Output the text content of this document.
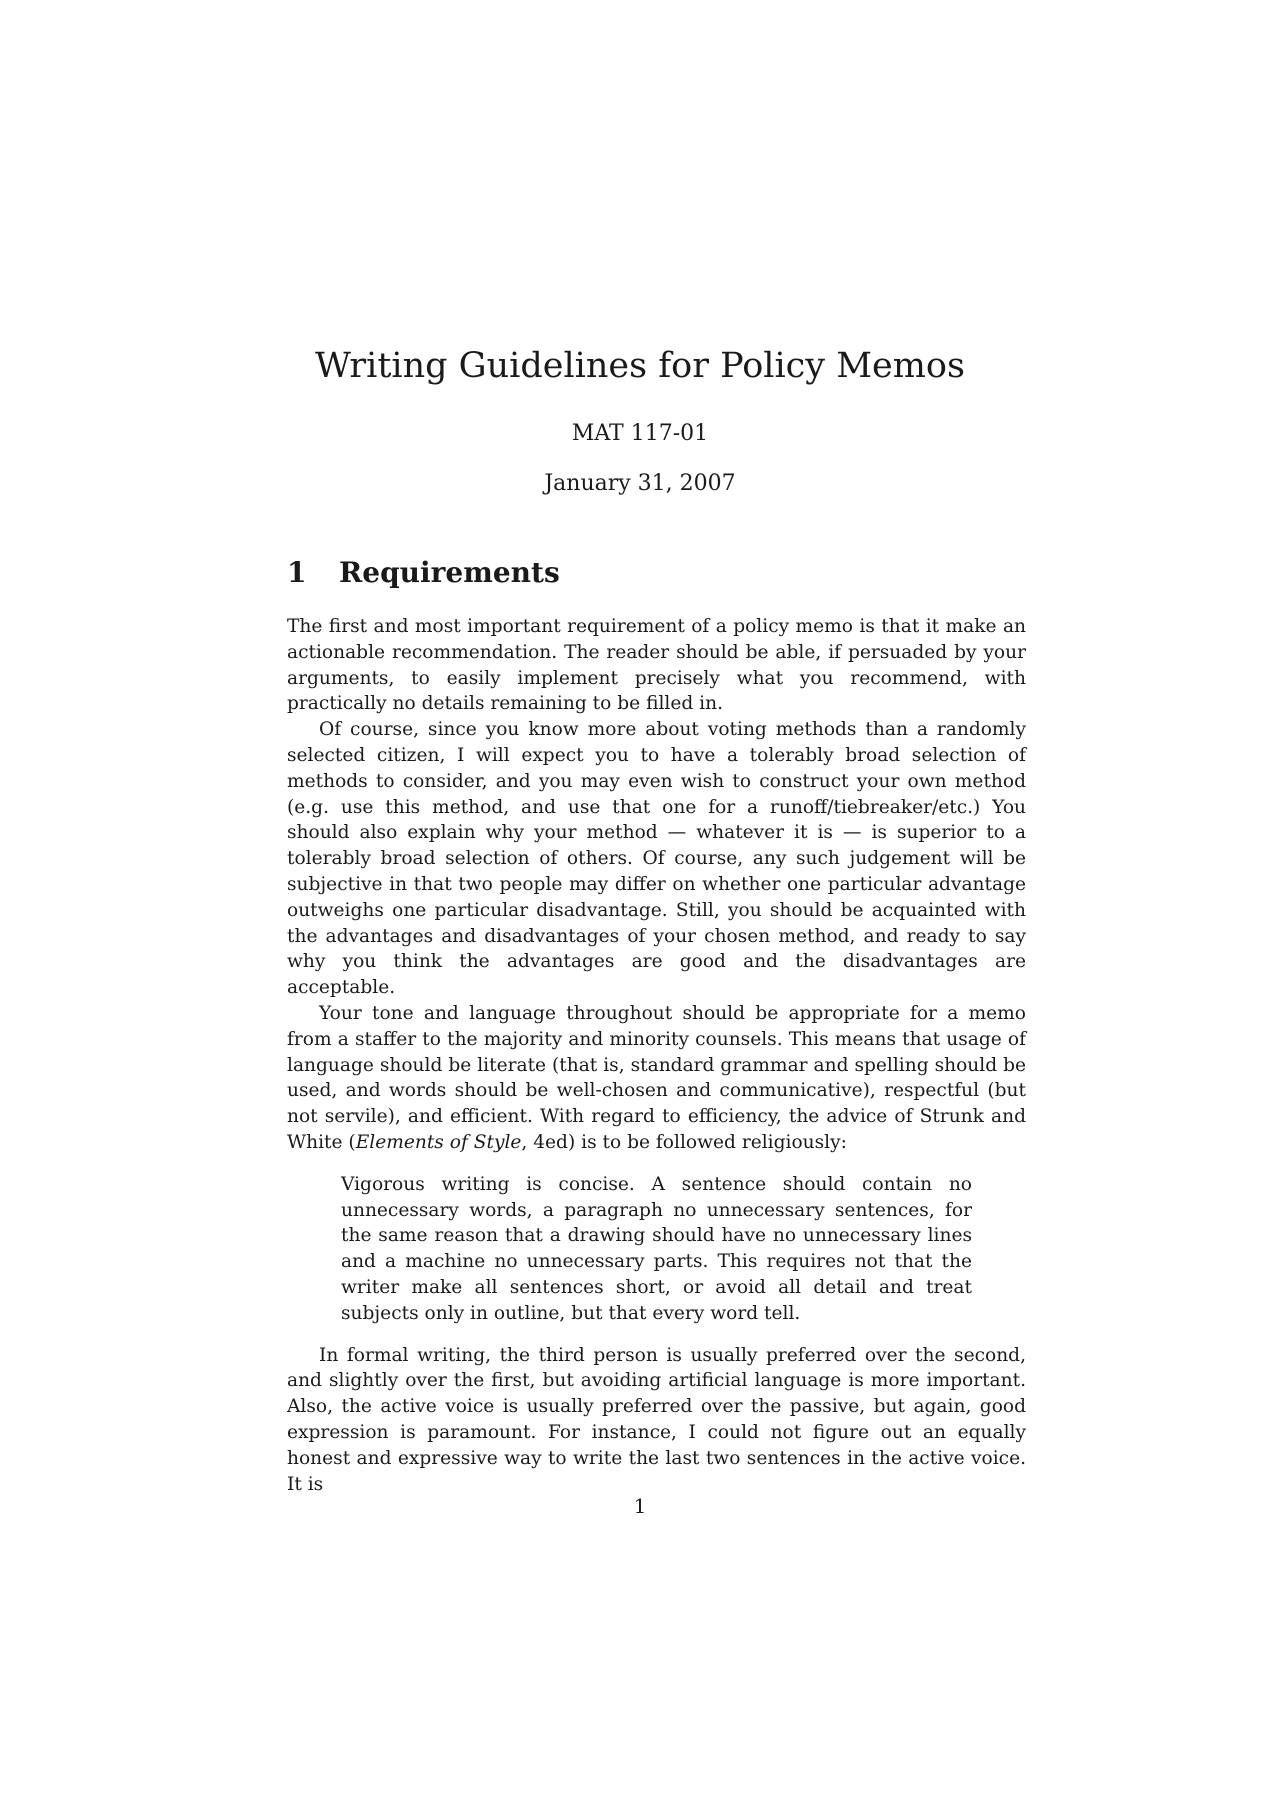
Writing Guidelines for Policy Memos
MAT 117-01
January 31, 2007
1 Requirements

The first and most important requirement of a policy memo is that it make an actionable recommendation. The reader should be able, if persuaded by your arguments, to easily implement precisely what you recommend, with practically no details remaining to be filled in.

Of course, since you know more about voting methods than a randomly selected citizen, I will expect you to have a tolerably broad selection of methods to consider, and you may even wish to construct your own method (e.g. use this method, and use that one for a runoff/tiebreaker/etc.) You should also explain why your method — whatever it is — is superior to a tolerably broad selection of others. Of course, any such judgement will be subjective in that two people may differ on whether one particular advantage outweighs one particular disadvantage. Still, you should be acquainted with the advantages and disadvantages of your chosen method, and ready to say why you think the advantages are good and the disadvantages are acceptable.

Your tone and language throughout should be appropriate for a memo from a staffer to the majority and minority counsels. This means that usage of language should be literate (that is, standard grammar and spelling should be used, and words should be well-chosen and communicative), respectful (but not servile), and efficient. With regard to efficiency, the advice of Strunk and White (Elements of Style, 4ed) is to be followed religiously:

Vigorous writing is concise. A sentence should contain no unnecessary words, a paragraph no unnecessary sentences, for the same reason that a drawing should have no unnecessary lines and a machine no unnecessary parts. This requires not that the writer make all sentences short, or avoid all detail and treat subjects only in outline, but that every word tell.

In formal writing, the third person is usually preferred over the second, and slightly over the first, but avoiding artificial language is more important. Also, the active voice is usually preferred over the passive, but again, good expression is paramount. For instance, I could not figure out an equally honest and expressive way to write the last two sentences in the active voice. It is

1
